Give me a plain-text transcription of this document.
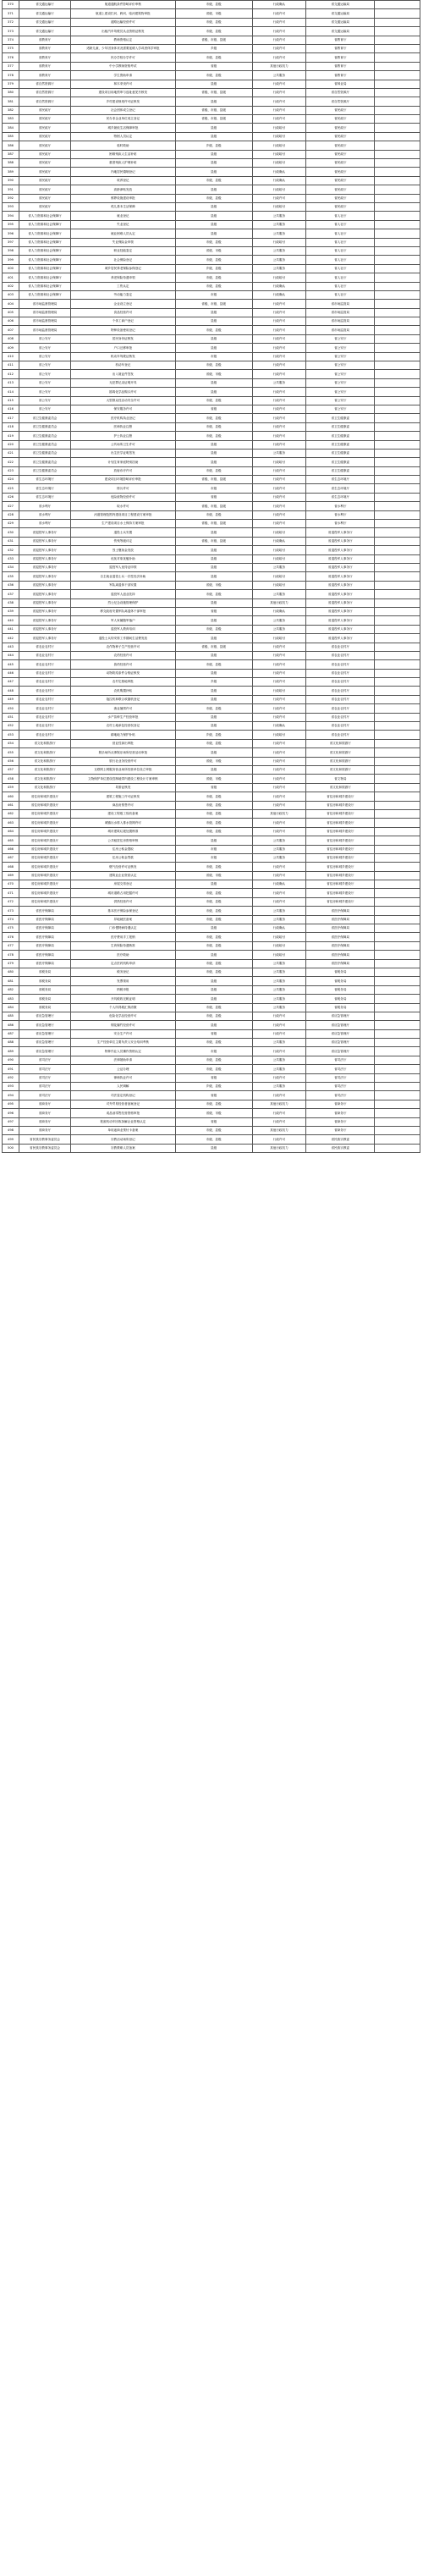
370	省交通运输厅	航道通航条件影响评价审核	市级、县级	行政确认	省交通运输局	
371	省交通运输厅	航道上建设拦河、跨河、临河建筑物审批	省级、市级	行政许可	省交通运输局	
372	省交通运输厅	道路运输经营许可	市级、县级	行政许可	省交通运输局	
373	省交通运输厅	出租汽车驾驶员从业资格证核发	市级、县级	行政许可	省交通运输局	
374	省教育厅	教师资格认定	省级、市级、县级	行政许可	省教育厅	
375	省教育厅	适龄儿童、少年因身体状况需要延缓入学或者休学审批	乡级	行政许可	省教育厅	
376	省教育厅	民办学校办学许可	市级、县级	行政许可	省教育厅	
377	省教育厅	中小学教师资格考试	省级	其他行政权力	省教育厅	
378	省教育厅	学生资助申请	市级、县级	公共服务	省教育厅	
379	省自然资源厅	林木采伐许可	县级	行政许可	省林业局	
380	省自然资源厅	建设项目用地预审与选址意见书核发	省级、市级、县级	行政许可	省自然资源厅	
381	省自然资源厅	乡村建设规划许可证核发	县级	行政许可	省自然资源厅	
382	省民政厅	社会团体成立登记	省级、市级、县级	行政许可	省民政厅	
383	省民政厅	民办非企业单位成立登记	省级、市级、县级	行政许可	省民政厅	
384	省民政厅	城乡最低生活保障审批	县级	行政给付	省民政厅	
385	省民政厅	特困人员认定	县级	行政给付	省民政厅	
386	省民政厅	临时救助	乡级、县级	行政给付	省民政厅	
387	省民政厅	困难残疾人生活补贴	县级	行政给付	省民政厅	
388	省民政厅	重度残疾人护理补贴	县级	行政给付	省民政厅	
389	省民政厅	内地居民婚姻登记	县级	行政确认	省民政厅	
390	省民政厅	收养登记	市级、县级	行政确认	省民政厅	
391	省民政厅	高龄津贴发放	县级	行政给付	省民政厅	
392	省民政厅	殡葬设施建设审批	市级、县级	行政许可	省民政厅	
393	省民政厅	孤儿基本生活保障	县级	行政给付	省民政厅	
394	省人力资源和社会保障厅	就业登记	县级	公共服务	省人社厅	
395	省人力资源和社会保障厅	失业登记	县级	公共服务	省人社厅	
396	省人力资源和社会保障厅	就业困难人员认定	县级	公共服务	省人社厅	
397	省人力资源和社会保障厅	失业保险金申领	市级、县级	行政给付	省人社厅	
398	省人力资源和社会保障厅	职业技能鉴定	省级、市级	公共服务	省人社厅	
399	省人力资源和社会保障厅	社会保险登记	市级、县级	公共服务	省人社厅	
400	省人力资源和社会保障厅	城乡居民养老保险参保登记	乡级、县级	公共服务	省人社厅	
401	省人力资源和社会保障厅	养老保险待遇申领	市级、县级	行政给付	省人社厅	
402	省人力资源和社会保障厅	工伤认定	市级、县级	行政确认	省人社厅	
403	省人力资源和社会保障厅	劳动能力鉴定	市级	行政确认	省人社厅	
404	省市场监督管理局	企业设立登记	省级、市级、县级	行政许可	省市场监管局	
405	省市场监督管理局	食品经营许可	县级	行政许可	省市场监管局	
406	省市场监督管理局	个体工商户登记	县级	行政许可	省市场监管局	
407	省市场监督管理局	特种设备使用登记	市级、县级	行政许可	省市场监管局	
408	省公安厅	居民身份证核发	县级	行政许可	省公安厅	
409	省公安厅	户口迁移审批	县级	行政许可	省公安厅	
410	省公安厅	机动车驾驶证核发	市级	行政许可	省公安厅	
411	省公安厅	机动车登记	市级、县级	行政许可	省公安厅	
412	省公安厅	出入境证件签发	省级、市级	行政许可	省公安厅	
413	省公安厅	无犯罪记录证明开具	县级	公共服务	省公安厅	
414	省公安厅	剧毒化学品购买许可	县级	行政许可	省公安厅	
415	省公安厅	大型群众性活动安全许可	市级、县级	行政许可	省公安厅	
416	省公安厅	保安服务许可	省级	行政许可	省公安厅	
417	省卫生健康委员会	医疗机构执业登记	市级、县级	行政许可	省卫生健康委	
418	省卫生健康委员会	医师执业注册	市级、县级	行政许可	省卫生健康委	
419	省卫生健康委员会	护士执业注册	市级、县级	行政许可	省卫生健康委	
420	省卫生健康委员会	公共场所卫生许可	县级	行政许可	省卫生健康委	
421	省卫生健康委员会	出生医学证明签发	县级	公共服务	省卫生健康委	
422	省卫生健康委员会	计划生育家庭特别扶助	县级	行政给付	省卫生健康委	
423	省卫生健康委员会	放射诊疗许可	市级、县级	行政许可	省卫生健康委	
424	省生态环境厅	建设项目环境影响评价审批	省级、市级、县级	行政许可	省生态环境厅	
425	省生态环境厅	排污许可	市级	行政许可	省生态环境厅	
426	省生态环境厅	危险废物经营许可	省级	行政许可	省生态环境厅	
427	省水利厅	取水许可	省级、市级、县级	行政许可	省水利厅	
428	省水利厅	河道管理范围内建设项目工程建设方案审批	市级、县级	行政许可	省水利厅	
429	省水利厅	生产建设项目水土保持方案审批	省级、市级、县级	行政许可	省水利厅	
430	省退役军人事务厅	退役士兵安置	县级	行政给付	省退役军人事务厅	
431	省退役军人事务厅	伤残等级评定	省级、市级、县级	行政确认	省退役军人事务厅	
432	省退役军人事务厅	烈士褒扬金发放	县级	行政给付	省退役军人事务厅	
433	省退役军人事务厅	优抚对象抚恤补助	县级	行政给付	省退役军人事务厅	
434	省退役军人事务厅	退役军人优待证申领	县级	公共服务	省退役军人事务厅	
435	省退役军人事务厅	自主就业退役士兵一次性经济补助	县级	行政给付	省退役军人事务厅	
436	省退役军人事务厅	军队离退休干部安置	省级、市级	行政给付	省退役军人事务厅	
437	省退役军人事务厅	退役军人创业扶持	市级、县级	公共服务	省退役军人事务厅	
438	省退役军人事务厅	烈士纪念设施管理保护	县级	其他行政权力	省退役军人事务厅	
439	省退役军人事务厅	移交政府安置军队离退休干部审批	省级	行政确认	省退役军人事务厅	
440	省退役军人事务厅	军人家属随军落户	县级	公共服务	省退役军人事务厅	
441	省退役军人事务厅	退役军人教育培训	市级、县级	公共服务	省退役军人事务厅	
442	省退役军人事务厅	退役士兵待安排工作期间生活费发放	县级	行政给付	省退役军人事务厅	
443	省农业农村厅	农作物种子生产经营许可	省级、市级、县级	行政许可	省农业农村厅	
444	省农业农村厅	农药经营许可	县级	行政许可	省农业农村厅	
445	省农业农村厅	兽药经营许可	市级、县级	行政许可	省农业农村厅	
446	省农业农村厅	动物防疫条件合格证核发	县级	行政许可	省农业农村厅	
447	省农业农村厅	农村宅基地审批	乡级	行政许可	省农业农村厅	
448	省农业农村厅	农机购置补贴	县级	行政给付	省农业农村厅	
449	省农业农村厅	拖拉机和联合收割机登记	县级	行政许可	省农业农村厅	
450	省农业农村厅	渔业捕捞许可	市级、县级	行政许可	省农业农村厅	
451	省农业农村厅	水产苗种生产经营审批	县级	行政许可	省农业农村厅	
452	省农业农村厅	农村土地承包经营权登记	县级	行政确认	省农业农村厅	
453	省农业农村厅	耕地地力保护补贴	乡级、县级	行政给付	省农业农村厅	
454	省文化和旅游厅	营业性演出审批	市级、县级	行政许可	省文化和旅游厅	
455	省文化和旅游厅	娱乐场所从事娱乐场所经营活动审批	县级	行政许可	省文化和旅游厅	
456	省文化和旅游厅	旅行社业务经营许可	省级、市级	行政许可	省文化和旅游厅	
457	省文化和旅游厅	互联网上网服务营业场所经营单位设立审批	县级	行政许可	省文化和旅游厅	
458	省文化和旅游厅	文物保护单位建设控制地带内建设工程设计方案审核	省级、市级	行政许可	省文物局	
459	省文化和旅游厅	导游证核发	省级	行政许可	省文化和旅游厅	
460	省住房和城乡建设厅	建筑工程施工许可证核发	市级、县级	行政许可	省住房和城乡建设厅	
461	省住房和城乡建设厅	商品房预售许可	市级、县级	行政许可	省住房和城乡建设厅	
462	省住房和城乡建设厅	建设工程竣工验收备案	市级、县级	其他行政权力	省住房和城乡建设厅	
463	省住房和城乡建设厅	城镇污水排入排水管网许可	市级、县级	行政许可	省住房和城乡建设厅	
464	省住房和城乡建设厅	城市建筑垃圾处置核准	市级、县级	行政许可	省住房和城乡建设厅	
465	省住房和城乡建设厅	公共租赁住房资格审核	县级	公共服务	省住房和城乡建设厅	
466	省住房和城乡建设厅	住房公积金提取	市级	公共服务	省住房和城乡建设厅	
467	省住房和城乡建设厅	住房公积金贷款	市级	公共服务	省住房和城乡建设厅	
468	省住房和城乡建设厅	燃气经营许可证核发	市级、县级	行政许可	省住房和城乡建设厅	
469	省住房和城乡建设厅	建筑业企业资质认定	省级、市级	行政许可	省住房和城乡建设厅	
470	省住房和城乡建设厅	房屋交易登记	县级	行政确认	省住房和城乡建设厅	
471	省住房和城乡建设厅	城市道路占用挖掘许可	市级、县级	行政许可	省住房和城乡建设厅	
472	省住房和城乡建设厅	供热经营许可	市级、县级	行政许可	省住房和城乡建设厅	
473	省医疗保障局	基本医疗保险参保登记	市级、县级	公共服务	省医疗保障局	
474	省医疗保障局	异地就医备案	市级、县级	公共服务	省医疗保障局	
475	省医疗保障局	门诊慢特病待遇认定	县级	行政确认	省医疗保障局	
476	省医疗保障局	医疗费用手工报销	市级、县级	行政给付	省医疗保障局	
477	省医疗保障局	生育保险待遇核准	市级、县级	行政给付	省医疗保障局	
478	省医疗保障局	医疗救助	县级	行政给付	省医疗保障局	
479	省医疗保障局	定点医药机构申请	市级、县级	公共服务	省医疗保障局	
480	省税务局	税务登记	市级、县级	公共服务	省税务局	
481	省税务局	发票领用	县级	公共服务	省税务局	
482	省税务局	纳税申报	县级	公共服务	省税务局	
483	省税务局	开具税收完税证明	县级	公共服务	省税务局	
484	省税务局	个人所得税汇算清缴	市级、县级	公共服务	省税务局	
485	省应急管理厅	危险化学品经营许可	市级、县级	行政许可	省应急管理厅	
486	省应急管理厅	烟花爆竹经营许可	县级	行政许可	省应急管理厅	
487	省应急管理厅	安全生产许可	省级	行政许可	省应急管理厅	
488	省应急管理厅	生产经营单位主要负责人安全培训考核	市级、县级	公共服务	省应急管理厅	
489	省应急管理厅	特种作业人员操作资格认定	市级	行政许可	省应急管理厅	
490	省司法厅	法律援助申请	市级、县级	公共服务	省司法厅	
491	省司法厅	公证办理	市级、县级	公共服务	省司法厅	
492	省司法厅	律师执业许可	省级	行政许可	省司法厅	
493	省司法厅	人民调解	乡级、县级	公共服务	省司法厅	
494	省司法厅	司法鉴定机构登记	省级	行政许可	省司法厅	
495	省商务厅	对外贸易经营者备案登记	市级、县级	其他行政权力	省商务厅	
496	省商务厅	成品油零售经营资格审批	省级、市级	行政许可	省商务厅	
497	省商务厅	报废机动车回收拆解企业资格认定	省级	行政许可	省商务厅	
498	省商务厅	单用途商业预付卡备案	市级、县级	其他行政权力	省商务厅	
499	省民族宗教事务委员会	宗教活动场所登记	市级、县级	行政许可	省民族宗教委	
500	省民族宗教事务委员会	宗教教职人员备案	县级	其他行政权力	省民族宗教委	
